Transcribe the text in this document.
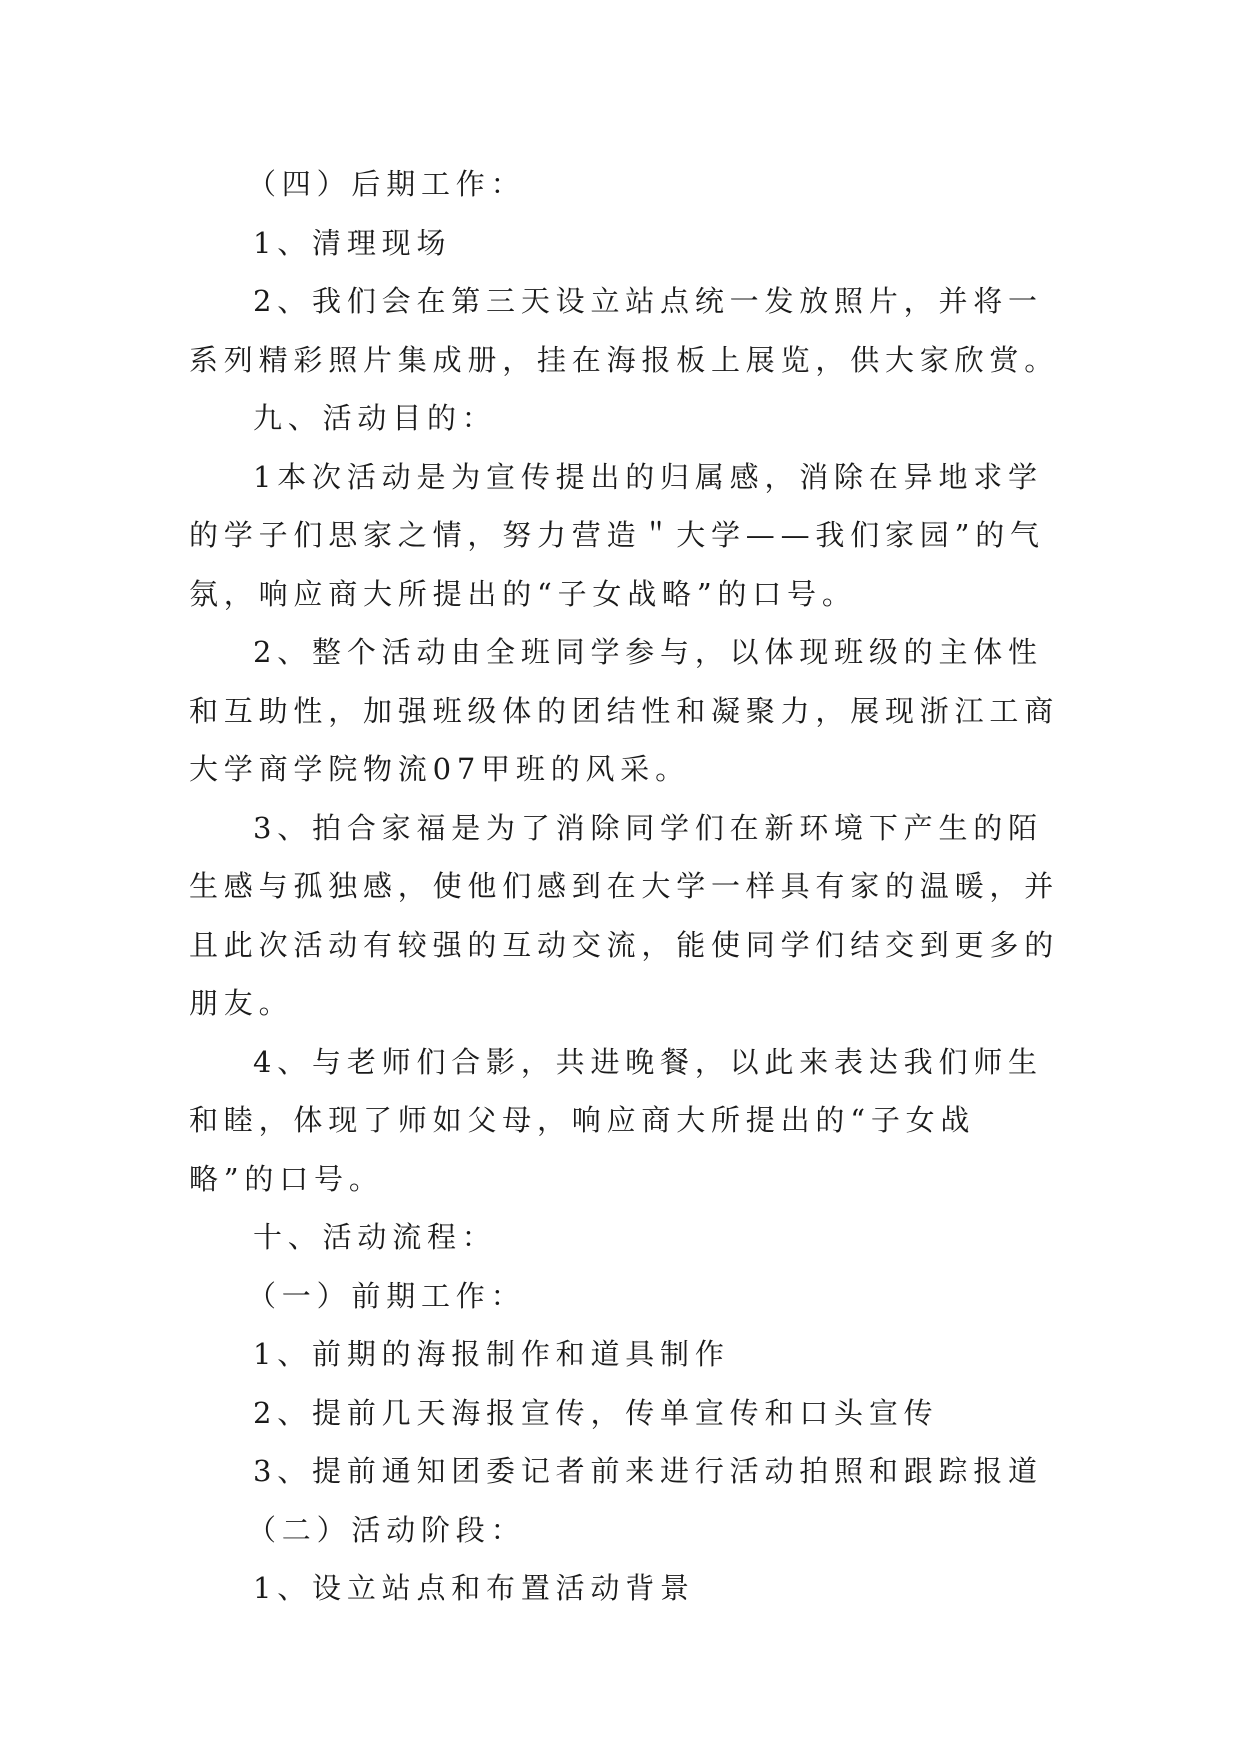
（四）后期工作：

1、清理现场

2、我们会在第三天设立站点统一发放照片，并将一系列精彩照片集成册，挂在海报板上展览，供大家欣赏。

九、活动目的：

1本次活动是为宣传提出的归属感，消除在异地求学的学子们思家之情，努力营造＂大学——我们家园”的气氛，响应商大所提出的“子女战略”的口号。

2、整个活动由全班同学参与，以体现班级的主体性和互助性，加强班级体的团结性和凝聚力，展现浙江工商大学商学院物流07甲班的风采。

3、拍合家福是为了消除同学们在新环境下产生的陌生感与孤独感，使他们感到在大学一样具有家的温暖，并且此次活动有较强的互动交流，能使同学们结交到更多的朋友。

4、与老师们合影，共进晚餐，以此来表达我们师生和睦，体现了师如父母，响应商大所提出的“子女战略”的口号。

十、活动流程：

（一）前期工作：

1、前期的海报制作和道具制作

2、提前几天海报宣传，传单宣传和口头宣传

3、提前通知团委记者前来进行活动拍照和跟踪报道

（二）活动阶段：

1、设立站点和布置活动背景
